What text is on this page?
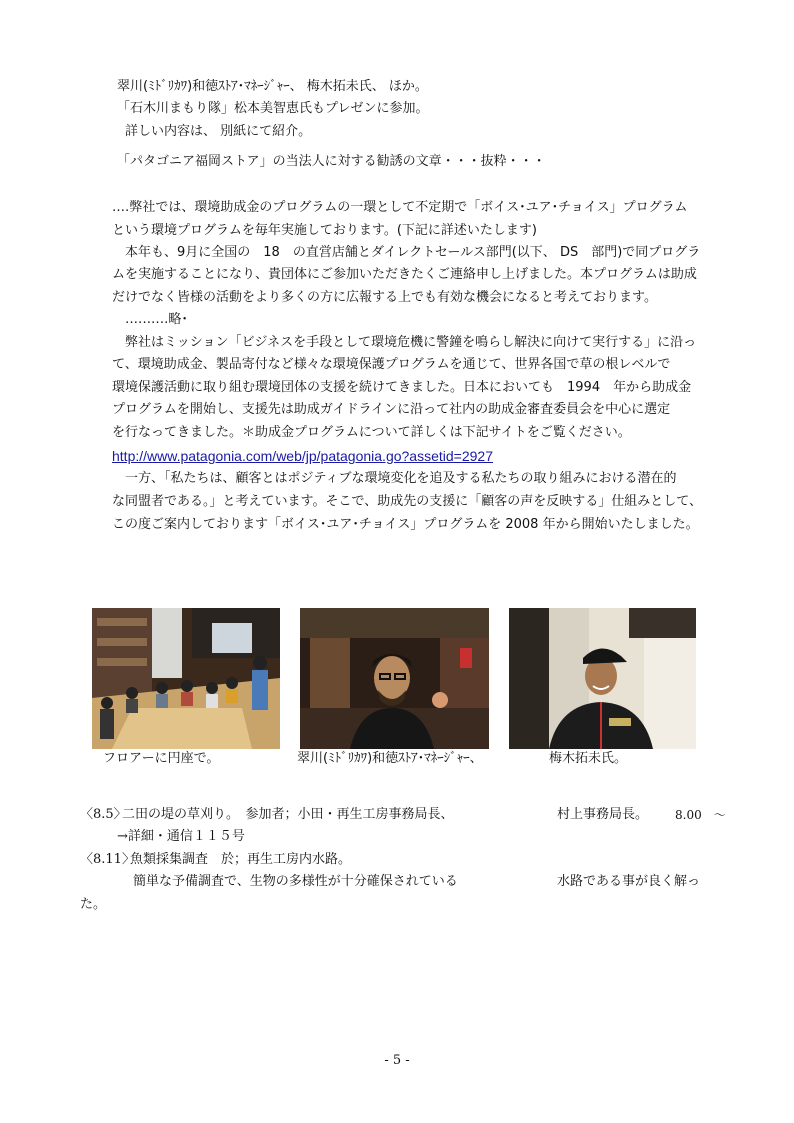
翠川(ﾐﾄﾞﾘｶﾜ)和徳ｽﾄｱ･ﾏﾈｰｼﾞｬｰ、 梅木拓未氏、 ほか。
「石木川まもり隊」松本美智恵氏もプレゼンに参加。
詳しい内容は、 別紙にて紹介。
「パタゴニア福岡ストア」の当法人に対する勧誘の文章・・・抜粋・・・
‥‥弊社では、環境助成金のプログラムの一環として不定期で「ボイス･ユア･チョイス」プログラム
という環境プログラムを毎年実施しております。(下記に詳述いたします)
本年も、9月に全国の　18　の直営店舗とダイレクトセールス部門(以下、 DS　部門)で同プログラ
ムを実施することになり、貴団体にご参加いただきたくご連絡申し上げました。本プログラムは助成
だけでなく皆様の活動をより多くの方に広報する上でも有効な機会になると考えております。
‥‥‥‥‥略･
弊社はミッション「ビジネスを手段として環境危機に警鐘を鳴らし解決に向けて実行する」に沿っ
て、環境助成金、製品寄付など様々な環境保護プログラムを通じて、世界各国で草の根レベルで
環境保護活動に取り組む環境団体の支援を続けてきました。日本においても　1994　年から助成金
プログラムを開始し、支援先は助成ガイドラインに沿って社内の助成金審査委員会を中心に選定
を行なってきました。＊助成金プログラムについて詳しくは下記サイトをご覧ください。
http://www.patagonia.com/web/jp/patagonia.go?assetid=2927
一方、「私たちは、顧客とはポジティブな環境変化を追及する私たちの取り組みにおける潜在的
な同盟者である。」と考えています。そこで、助成先の支援に「顧客の声を反映する」仕組みとして、
この度ご案内しております「ボイス･ユア･チョイス」プログラムを 2008 年から開始いたしました。
フロアーに円座で。	翠川(ﾐﾄﾞﾘｶﾜ)和徳ｽﾄｱ･ﾏﾈｰｼﾞｬｰ、	梅木拓未氏。
〈8.5〉
二田の堤の草刈り。　参加者；小田・再生工房事務局長、	村上事務局長。 8.00　～
→詳細・通信１１５号
〈8.11〉
魚類採集調査　於；再生工房内水路。
簡単な予備調査で、生物の多様性が十分確保されている	水路である事が良く解っ
た。
- 5 -
